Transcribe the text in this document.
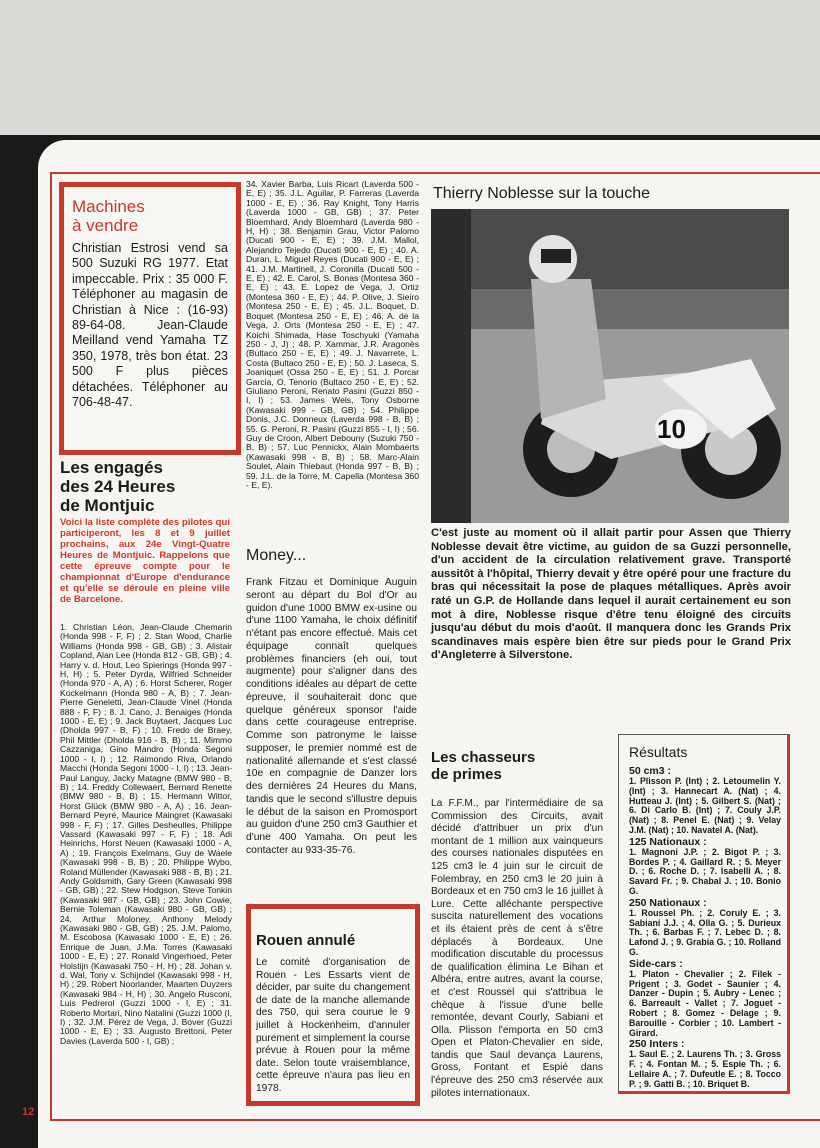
Machines
à vendre

Christian Estrosi vend sa 500 Suzuki RG 1977. Etat impeccable. Prix : 35 000 F. Téléphoner au magasin de Christian à Nice : (16-93) 89-64-08. Jean-Claude Meilland vend Yamaha TZ 350, 1978, très bon état. 23 500 F plus pièces détachées. Téléphoner au 706-48-47.

Les engagés

des 24 Heures

de Montjuic

Voici la liste complète des pilotes qui participeront, les 8 et 9 juillet prochains, aux 24e Vingt-Quatre Heures de Montjuic. Rappelons que cette épreuve compte pour le championnat d'Europe d'endurance et qu'elle se déroule en pleine ville de Barcelone.

1. Christian Léon, Jean-Claude Chemarin (Honda 998 - F, F) ; 2. Stan Wood, Charlie Williams (Honda 998 - GB, GB) ; 3. Alistair Copland, Alan Lee (Honda 812 - GB, GB) ; 4. Harry v. d. Hout, Leo Spierings (Honda 997 - H, H) ; 5. Peter Dyrda, Wilfried Schneider (Honda 970 - A, A) ; 6. Horst Scherer, Roger Kockelmann (Honda 980 - A, B) ; 7. Jean-Pierre Geneletti, Jean-Claude Vinel (Honda 888 - F, F) ; 8. J. Cano, J. Benaiges (Honda 1000 - E, E) ; 9. Jack Buytaert, Jacques Luc (Dholda 997 - B, F) ; 10. Fredo de Braey, Phil Mittler (Dholda 916 - B, B) ; 11. Mimmo Cazzaniga, Gino Mandro (Honda Segoni 1000 - I, I) ; 12. Raimondo Riva, Orlando Macchi (Honda Segoni 1000 - I, I) ; 13. Jean-Paul Languy, Jacky Matagne (BMW 980 - B, B) ; 14. Freddy Collewaert, Bernard Renette (BMW 980 - B, B) ; 15. Hermann Wittor, Horst Glück (BMW 980 - A, A) ; 16. Jean-Bernard Peyré, Maurice Maingret (Kawasaki 998 - F, F) ; 17. Gilles Desheulles, Philippe Vassard (Kawasaki 997 - F, F) ; 18. Adi Heinrichs, Horst Neuen (Kawasaki 1000 - A, A) ; 19. François Exelmans, Guy de Waele (Kawasaki 998 - B, B) ; 20. Philippe Wybo, Roland Müllender (Kawasaki 988 - B, B) ; 21. Andy Goldsmith, Gary Green (Kawasaki 998 - GB, GB) ; 22. Stew Hodgson, Steve Tonkin (Kawasaki 987 - GB, GB) ; 23. John Cowie, Bernie Toleman (Kawasaki 980 - GB, GB) ; 24. Arthur Moloney, Anthony Melody (Kawasaki 980 - GB, GB) ; 25. J.M. Palomo, M. Escobosa (Kawasaki 1000 - E, E) ; 26. Enrique de Juan, J.Ma. Torres (Kawasaki 1000 - E, E) ; 27. Ronald Vingerhoed, Peter Holstijn (Kawasaki 750 - H, H) ; 28. Johan v. d. Wal, Tony v. Schijndel (Kawasaki 998 - H, H) ; 29. Robert Noorlander, Maarten Duyzers (Kawasaki 984 - H, H) ; 30. Angelo Rusconi, Luis Pedrerol (Guzzi 1000 - I, E) ; 31. Roberto Mortari, Nino Natalini (Guzzi 1000 (I, I) ; 32. J.M. Pérez de Vega, J. Bover (Guzzi 1000 - E, E) ; 33. Augusto Brettoni, Peter Davies (Laverda 500 - I, GB) ;
34. Xavier Barba, Luis Ricart (Laverda 500 - E, E) ; 35. J.L. Aguilar, P. Farreras (Laverda 1000 - E, E) ; 36. Ray Knight, Tony Harris (Laverda 1000 - GB, GB) ; 37. Peter Bloemhard, Andy Bloemhard (Laverda 980 - H, H) ; 38. Benjamin Grau, Victor Palomo (Ducati 900 - E, E) ; 39. J.M. Mallol, Alejandro Tejedo (Ducati 900 - E, E) ; 40. A. Duran, L. Miguel Reyes (Ducati 900 - E, E) ; 41. J.M. Martinell, J. Coronilla (Ducati 500 - E, E) ; 42. E. Carol, S. Bonas (Montesa 360 - E, E) ; 43. E. Lopez de Vega, J. Ortiz (Montesa 360 - E, E) ; 44. P. Olive, J. Sieiro (Montesa 250 - E, E) ; 45. J.L. Boquet, D. Boquet (Montesa 250 - E, E) ; 46. A. de la Vega, J. Orts (Montesa 250 - E, E) ; 47. Koichi Shimada, Hase Toschyuki (Yamaha 250 - J, J) ; 48. P. Xammar, J.R. Aragonès (Bultaco 250 - E, E) ; 49. J. Navarrete, L. Costa (Bultaco 250 - E, E) ; 50. J. Laseca, S. Joaniquet (Ossa 250 - E, E) ; 51. J. Porcar Garcia, O. Tenorio (Bultaco 250 - E, E) ; 52. Giuliano Peroni, Renato Pasini (Guzzi 850 - I, I) ; 53. James Wels, Tony Osborne (Kawasaki 999 - GB, GB) ; 54. Philippe Donis, J.C. Donneux (Laverda 998 - B, B) ; 55. G. Peroni, R. Pasini (Guzzi 855 - I, I) ; 56. Guy de Croon, Albert Debouny (Suzuki 750 - B, B) ; 57. Luc Pennickx, Alain Mombaerts (Kawasaki 998 - B, B) ; 58. Marc-Alain Soulet, Alain Thiebaut (Honda 997 - B, B) ; 59. J.L. de la Torre, M. Capella (Montesa 360 - E, E).
Money...

Frank Fitzau et Dominique Auguin seront au départ du Bol d'Or au guidon d'une 1000 BMW ex-usine ou d'une 1100 Yamaha, le choix définitif n'étant pas encore effectué. Mais cet équipage connaît quelques problèmes financiers (eh oui, tout augmente) pour s'aligner dans des conditions idéales au départ de cette épreuve, il souhaiterait donc que quelque généreux sponsor l'aide dans cette courageuse entreprise. Comme son patronyme le laisse supposer, le premier nommé est de nationalité allemande et s'est classé 10e en compagnie de Danzer lors des dernières 24 Heures du Mans, tandis que le second s'illustre depuis le début de la saison en Promosport au guidon d'une 250 cm3 Gauthier et d'une 400 Yamaha. On peut les contacter au 933-35-76.

Rouen annulé

Le comité d'organisation de Rouen - Les Essarts vient de décider, par suite du changement de date de la manche allemande des 750, qui sera courue le 9 juillet à Hockenheim, d'annuler purement et simplement la course prévue à Rouen pour la même date. Selon toute vraisemblance, cette épreuve n'aura pas lieu en 1978.

Thierry Noblesse sur la touche
10

C'est juste au moment où il allait partir pour Assen que Thierry Noblesse devait être victime, au guidon de sa Guzzi personnelle, d'un accident de la circulation relativement grave. Transporté aussitôt à l'hôpital, Thierry devait y être opéré pour une fracture du bras qui nécessitait la pose de plaques métalliques. Après avoir raté un G.P. de Hollande dans lequel il aurait certainement eu son mot à dire, Noblesse risque d'être tenu éloigné des circuits jusqu'au début du mois d'août. Il manquera donc les Grands Prix scandinaves mais espère bien être sur pieds pour le Grand Prix d'Angleterre à Silverstone.

Les chasseurs
de primes

La F.F.M., par l'intermédiaire de sa Commission des Circuits, avait décidé d'attribuer un prix d'un montant de 1 million aux vainqueurs des courses nationales disputées en 125 cm3 le 4 juin sur le circuit de Folembray, en 250 cm3 le 20 juin à Bordeaux et en 750 cm3 le 16 juillet à Lure. Cette alléchante perspective suscita naturellement des vocations et ils étaient près de cent à s'être déplacés à Bordeaux. Une modification discutable du processus de qualification élimina Le Bihan et Albéra, entre autres, avant la course, et c'est Roussel qui s'attribua le chèque à l'issue d'une belle remontée, devant Courly, Sabiani et Olla. Plisson l'emporta en 50 cm3 Open et Platon-Chevalier en side, tandis que Saul devança Laurens, Gross, Fontant et Espié dans l'épreuve des 250 cm3 réservée aux pilotes internationaux.

Résultats

50 cm3 :

1. Plisson P. (Int) ; 2. Letoumelin Y. (Int) ; 3. Hannecart A. (Nat) ; 4. Hutteau J. (Int) ; 5. Gilbert S. (Nat) ; 6. Di Carlo B. (Int) ; 7. Couly J.P. (Nat) ; 8. Penel E. (Nat) ; 9. Velay J.M. (Nat) ; 10. Navatel A. (Nat).

125 Nationaux :

1. Magnoni J.P. ; 2. Bigot P. ; 3. Bordes P. ; 4. Gaillard R. ; 5. Meyer D. ; 6. Roche D. ; 7. Isabelli A. ; 8. Savard Fr. ; 9. Chabal J. ; 10. Bonio G.

250 Nationaux :

1. Roussel Ph. ; 2. Coruly E. ; 3. Sabiani J.J. ; 4. Olla G. ; 5. Durieux Th. ; 6. Barbas F. ; 7. Lebec D. ; 8. Lafond J. ; 9. Grabia G. ; 10. Rolland G.

Side-cars :

1. Platon - Chevalier ; 2. Filek - Prigent ; 3. Godet - Saunier ; 4. Danzer - Dupin ; 5. Aubry - Lenec ; 6. Barreault - Vallet ; 7. Joguet - Robert ; 8. Gomez - Delage ; 9. Barouille - Corbier ; 10. Lambert - Girard.

250 Inters :

1. Saul E. ; 2. Laurens Th. ; 3. Gross F. ; 4. Fontan M. ; 5. Espie Th. ; 6. Lellaire A. ; 7. Dufeutle E. ; 8. Tocco P. ; 9. Gatti B. ; 10. Briquet B.

12
